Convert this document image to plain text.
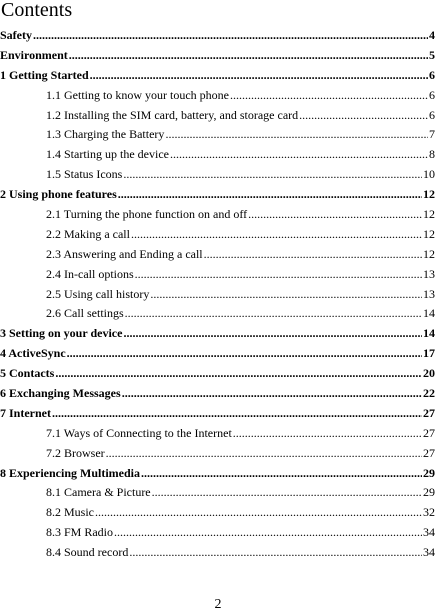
Contents
Safety .....	4
Environment .....	5
1 Getting Started .....	6
1.1 Getting to know your touch phone .....	6
1.2 Installing the SIM card, battery, and storage card .....	6
1.3 Charging the Battery .....	7
1.4 Starting up the device .....	8
1.5 Status Icons .....	10
2 Using phone features .....	12
2.1 Turning the phone function on and off .....	12
2.2 Making a call .....	12
2.3 Answering and Ending a call .....	12
2.4 In-call options .....	13
2.5 Using call history .....	13
2.6 Call settings .....	14
3 Setting on your device .....	14
4 ActiveSync .....	17
5 Contacts .....	20
6 Exchanging Messages .....	22
7 Internet .....	27
7.1 Ways of Connecting to the Internet .....	27
7.2 Browser .....	27
8 Experiencing Multimedia .....	29
8.1 Camera & Picture .....	29
8.2 Music .....	32
8.3 FM Radio .....	34
8.4 Sound record .....	34
2
